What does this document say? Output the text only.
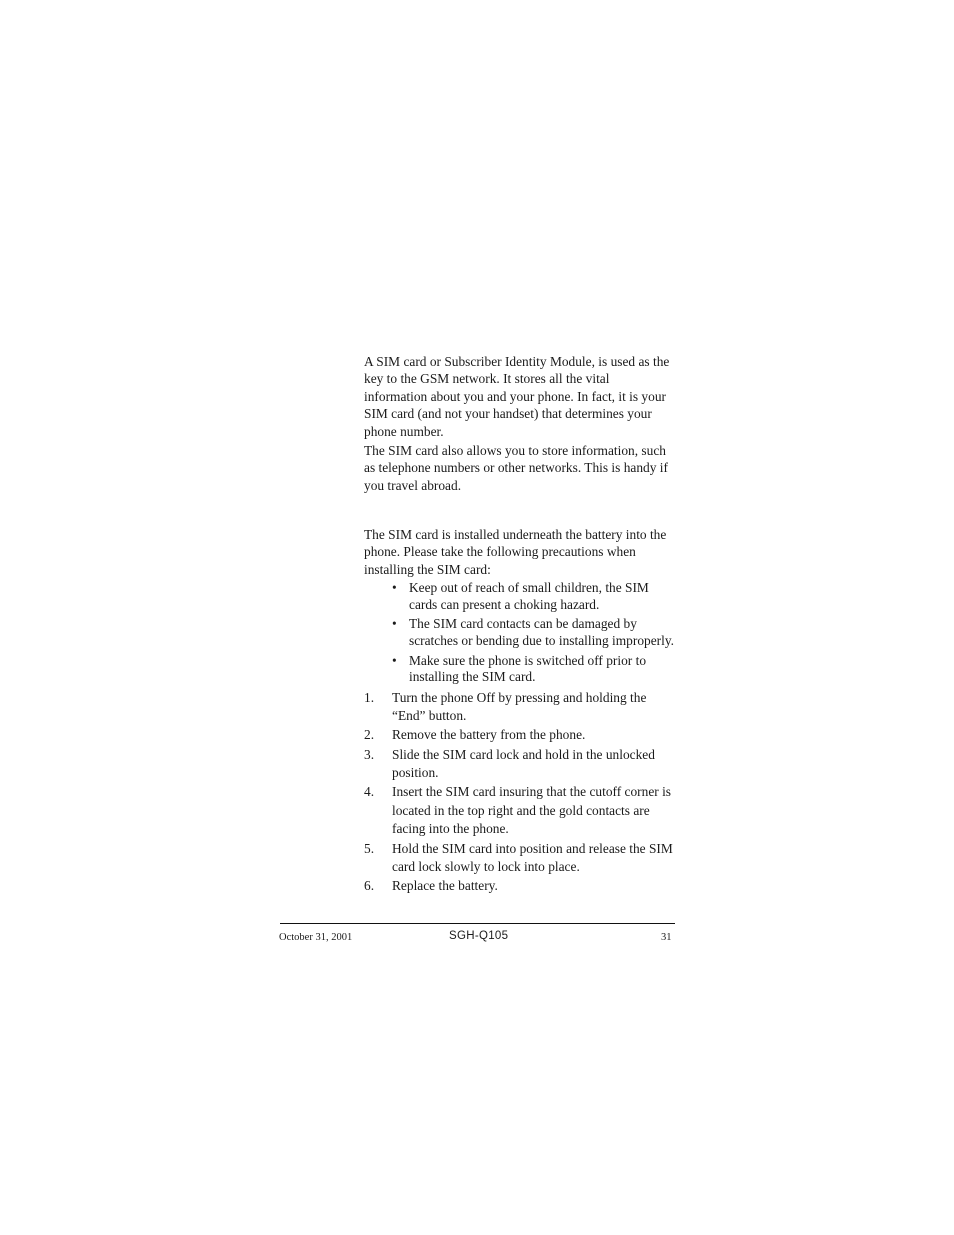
A SIM card or Subscriber Identity Module, is used as the key to the GSM network. It stores all the vital information about you and your phone. In fact, it is your SIM card (and not your handset) that determines your phone number.

The SIM card also allows you to store information, such as telephone numbers or other networks. This is handy if you travel abroad.

The SIM card is installed underneath the battery into the phone. Please take the following precautions when installing the SIM card:

• Keep out of reach of small children, the SIM cards can present a choking hazard.
• The SIM card contacts can be damaged by scratches or bending due to installing improperly.
• Make sure the phone is switched off prior to installing the SIM card.
1. Turn the phone Off by pressing and holding the “End” button.
2. Remove the battery from the phone.
3. Slide the SIM card lock and hold in the unlocked position.
4. Insert the SIM card insuring that the cutoff corner is located in the top right and the gold contacts are facing into the phone.
5. Hold the SIM card into position and release the SIM card lock slowly to lock into place.
6. Replace the battery.
October 31, 2001	SGH-Q105	31
